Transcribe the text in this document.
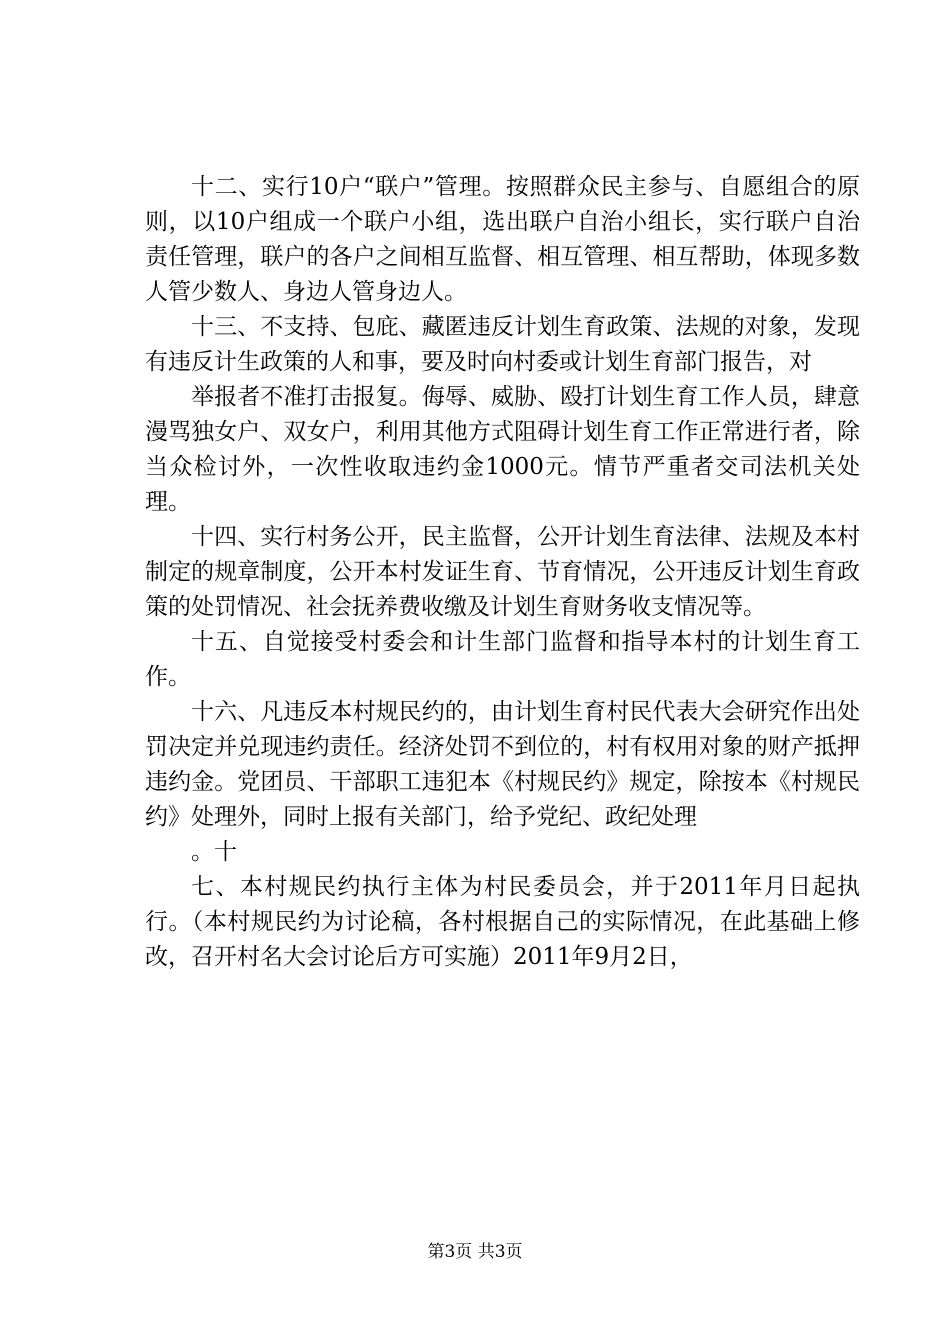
十二、实行10户“联户”管理。按照群众民主参与、自愿组合的原则，以10户组成一个联户小组，选出联户自治小组长，实行联户自治责任管理，联户的各户之间相互监督、相互管理、相互帮助，体现多数人管少数人、身边人管身边人。

十三、不支持、包庇、藏匿违反计划生育政策、法规的对象，发现有违反计生政策的人和事，要及时向村委或计划生育部门报告，对

举报者不准打击报复。侮辱、威胁、殴打计划生育工作人员，肆意漫骂独女户、双女户，利用其他方式阻碍计划生育工作正常进行者，除当众检讨外，一次性收取违约金1000元。情节严重者交司法机关处理。

十四、实行村务公开，民主监督，公开计划生育法律、法规及本村制定的规章制度，公开本村发证生育、节育情况，公开违反计划生育政策的处罚情况、社会抚养费收缴及计划生育财务收支情况等。

十五、自觉接受村委会和计生部门监督和指导本村的计划生育工作。

十六、凡违反本村规民约的，由计划生育村民代表大会研究作出处罚决定并兑现违约责任。经济处罚不到位的，村有权用对象的财产抵押违约金。党团员、干部职工违犯本《村规民约》规定，除按本《村规民约》处理外，同时上报有关部门，给予党纪、政纪处理

。十

七、本村规民约执行主体为村民委员会，并于2011年月日起执行。（本村规民约为讨论稿，各村根据自己的实际情况，在此基础上修改，召开村名大会讨论后方可实施）2011年9月2日，

第3页 共3页
